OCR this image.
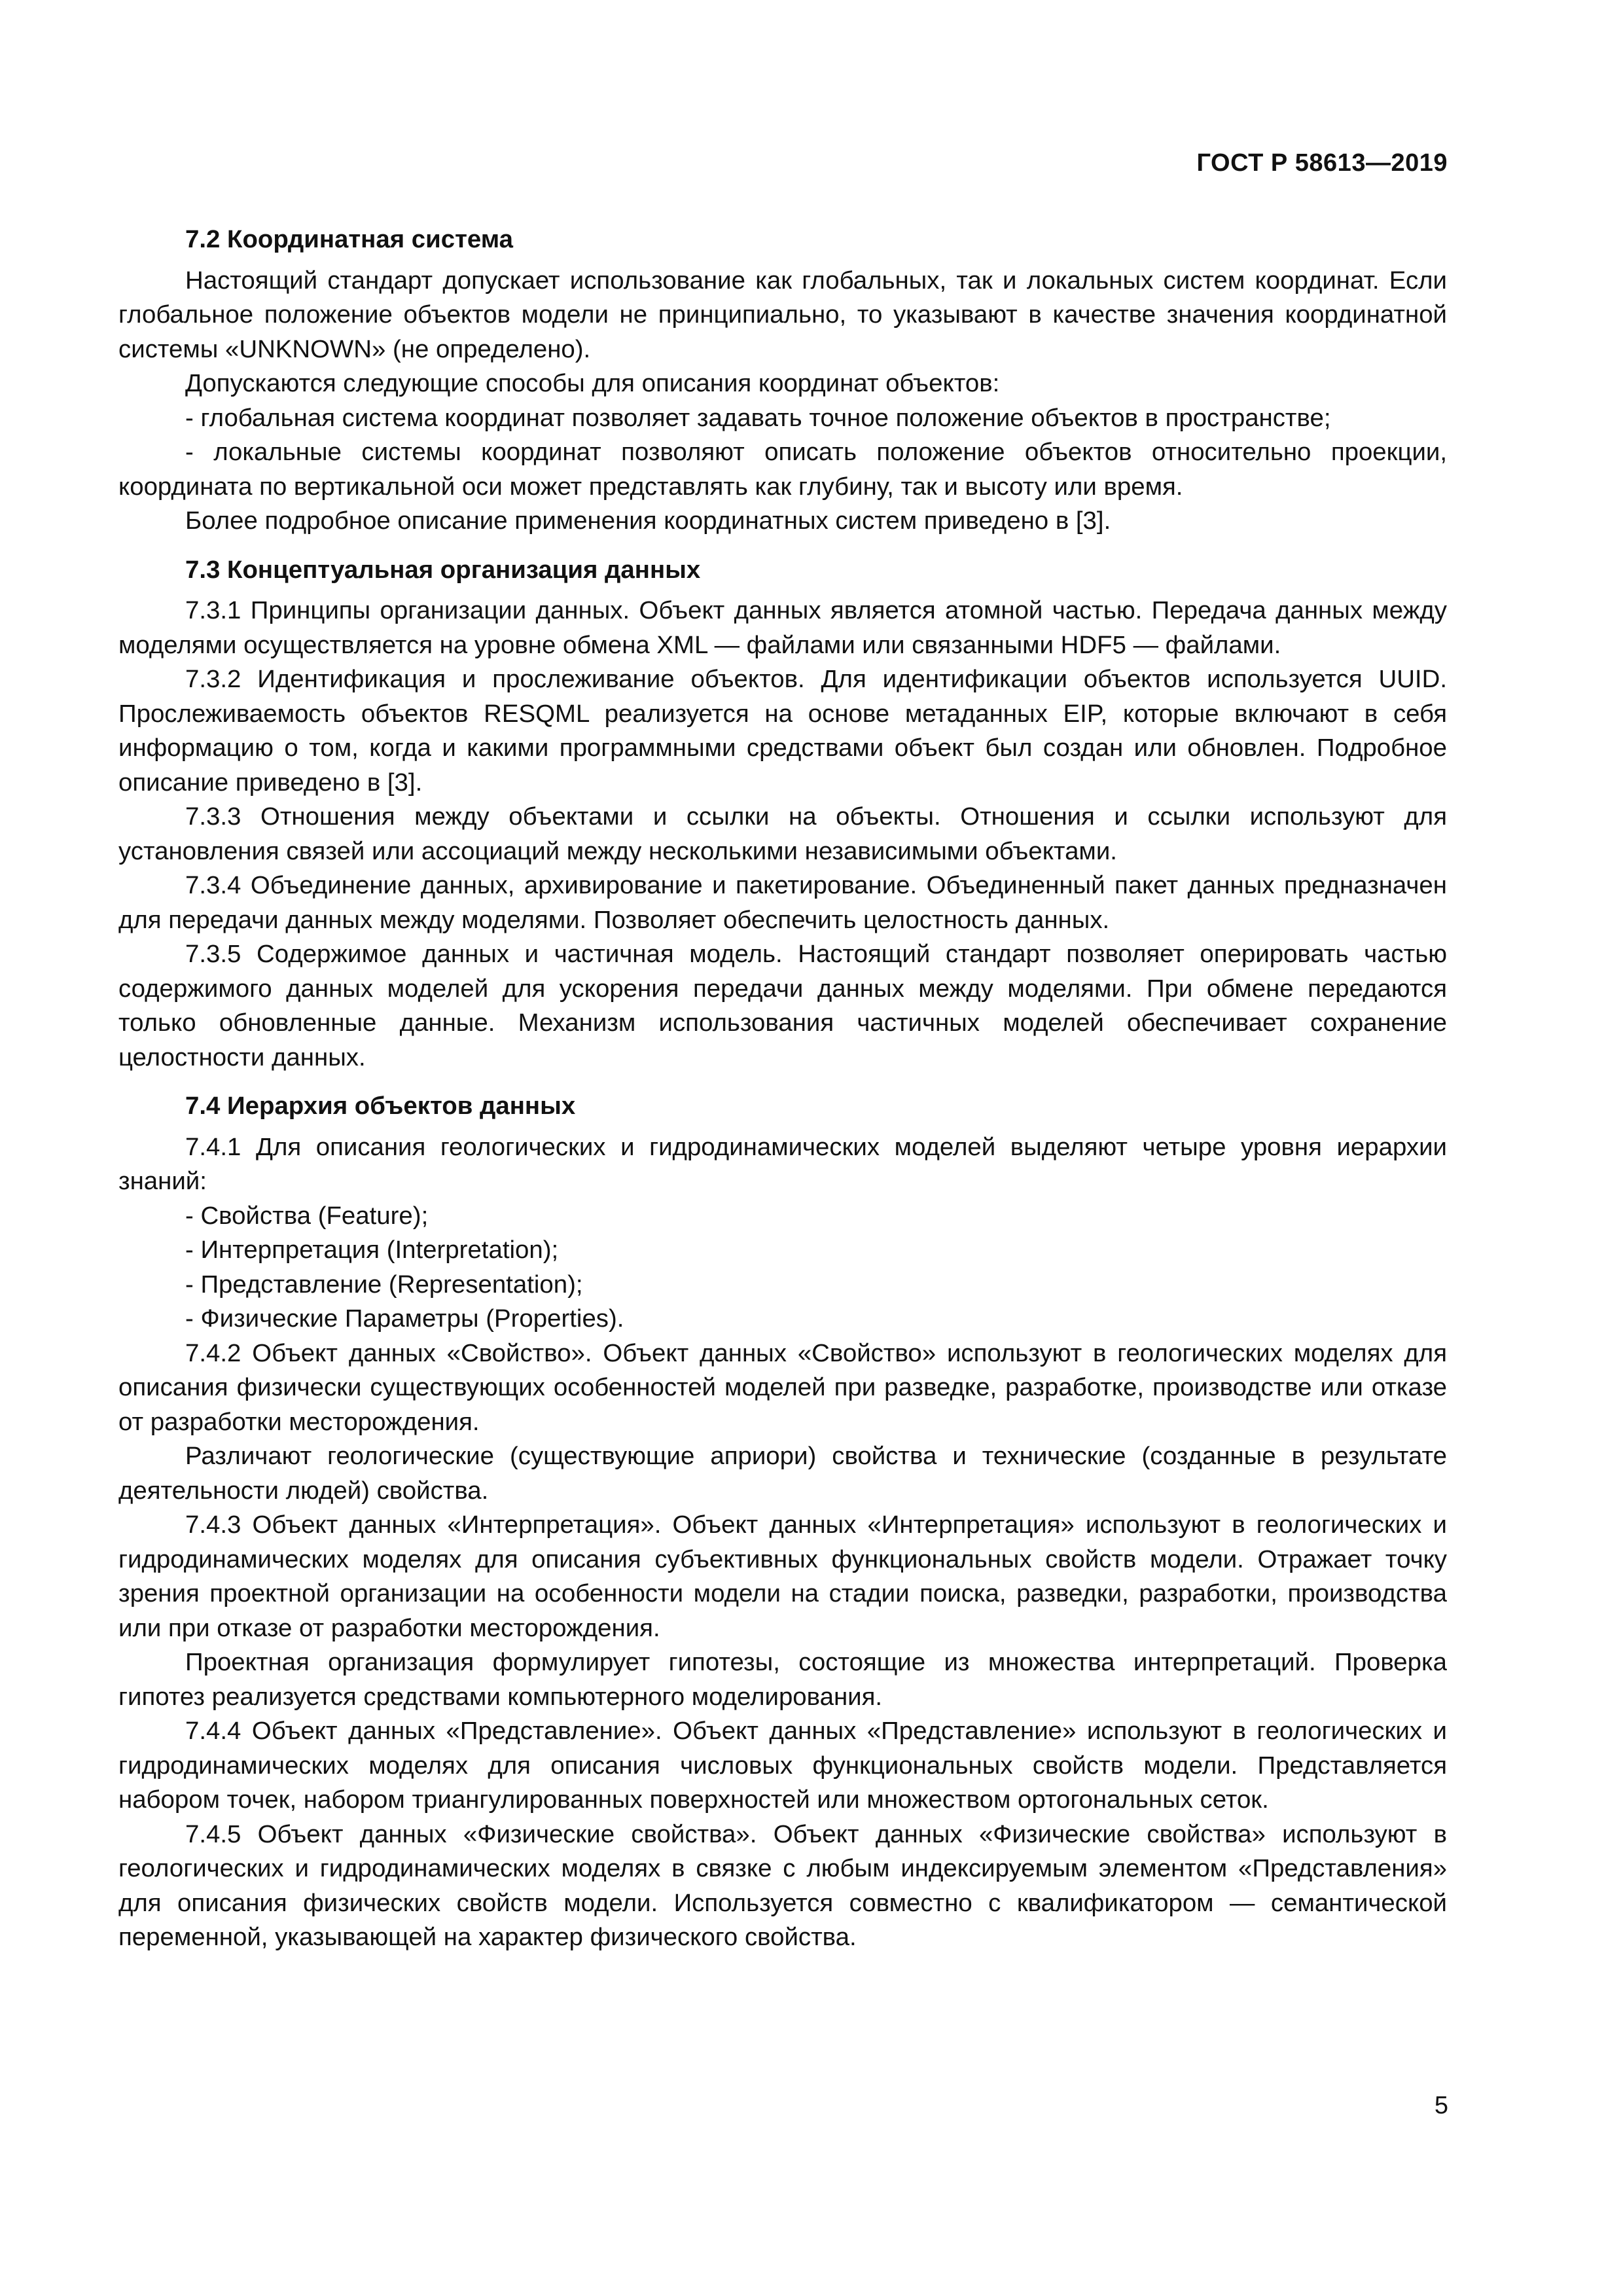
ГОСТ Р 58613—2019
7.2 Координатная система

Настоящий стандарт допускает использование как глобальных, так и локальных систем координат. Если глобальное положение объектов модели не принципиально, то указывают в качестве значения координатной системы «UNKNOWN» (не определено).

Допускаются следующие способы для описания координат объектов:

- глобальная система координат позволяет задавать точное положение объектов в пространстве;

- локальные системы координат позволяют описать положение объектов относительно проекции, координата по вертикальной оси может представлять как глубину, так и высоту или время.

Более подробное описание применения координатных систем приведено в [3].

7.3 Концептуальная организация данных

7.3.1 Принципы организации данных. Объект данных является атомной частью. Передача данных между моделями осуществляется на уровне обмена XML — файлами или связанными HDF5 — файлами.

7.3.2 Идентификация и прослеживание объектов. Для идентификации объектов используется UUID. Прослеживаемость объектов RESQML реализуется на основе метаданных EIP, которые включают в себя информацию о том, когда и какими программными средствами объект был создан или обновлен. Подробное описание приведено в [3].

7.3.3 Отношения между объектами и ссылки на объекты. Отношения и ссылки используют для установления связей или ассоциаций между несколькими независимыми объектами.

7.3.4 Объединение данных, архивирование и пакетирование. Объединенный пакет данных предназначен для передачи данных между моделями. Позволяет обеспечить целостность данных.

7.3.5 Содержимое данных и частичная модель. Настоящий стандарт позволяет оперировать частью содержимого данных моделей для ускорения передачи данных между моделями. При обмене передаются только обновленные данные. Механизм использования частичных моделей обеспечивает сохранение целостности данных.

7.4 Иерархия объектов данных

7.4.1 Для описания геологических и гидродинамических моделей выделяют четыре уровня иерархии знаний:

- Свойства (Feature);

- Интерпретация (Interpretation);

- Представление (Representation);

- Физические Параметры (Properties).

7.4.2 Объект данных «Свойство». Объект данных «Свойство» используют в геологических моделях для описания физически существующих особенностей моделей при разведке, разработке, производстве или отказе от разработки месторождения.

Различают геологические (существующие априори) свойства и технические (созданные в результате деятельности людей) свойства.

7.4.3 Объект данных «Интерпретация». Объект данных «Интерпретация» используют в геологических и гидродинамических моделях для описания субъективных функциональных свойств модели. Отражает точку зрения проектной организации на особенности модели на стадии поиска, разведки, разработки, производства или при отказе от разработки месторождения.

Проектная организация формулирует гипотезы, состоящие из множества интерпретаций. Проверка гипотез реализуется средствами компьютерного моделирования.

7.4.4 Объект данных «Представление». Объект данных «Представление» используют в геологических и гидродинамических моделях для описания числовых функциональных свойств модели. Представляется набором точек, набором триангулированных поверхностей или множеством ортогональных сеток.

7.4.5 Объект данных «Физические свойства». Объект данных «Физические свойства» используют в геологических и гидродинамических моделях в связке с любым индексируемым элементом «Представления» для описания физических свойств модели. Используется совместно с квалификатором — семантической переменной, указывающей на характер физического свойства.

5
